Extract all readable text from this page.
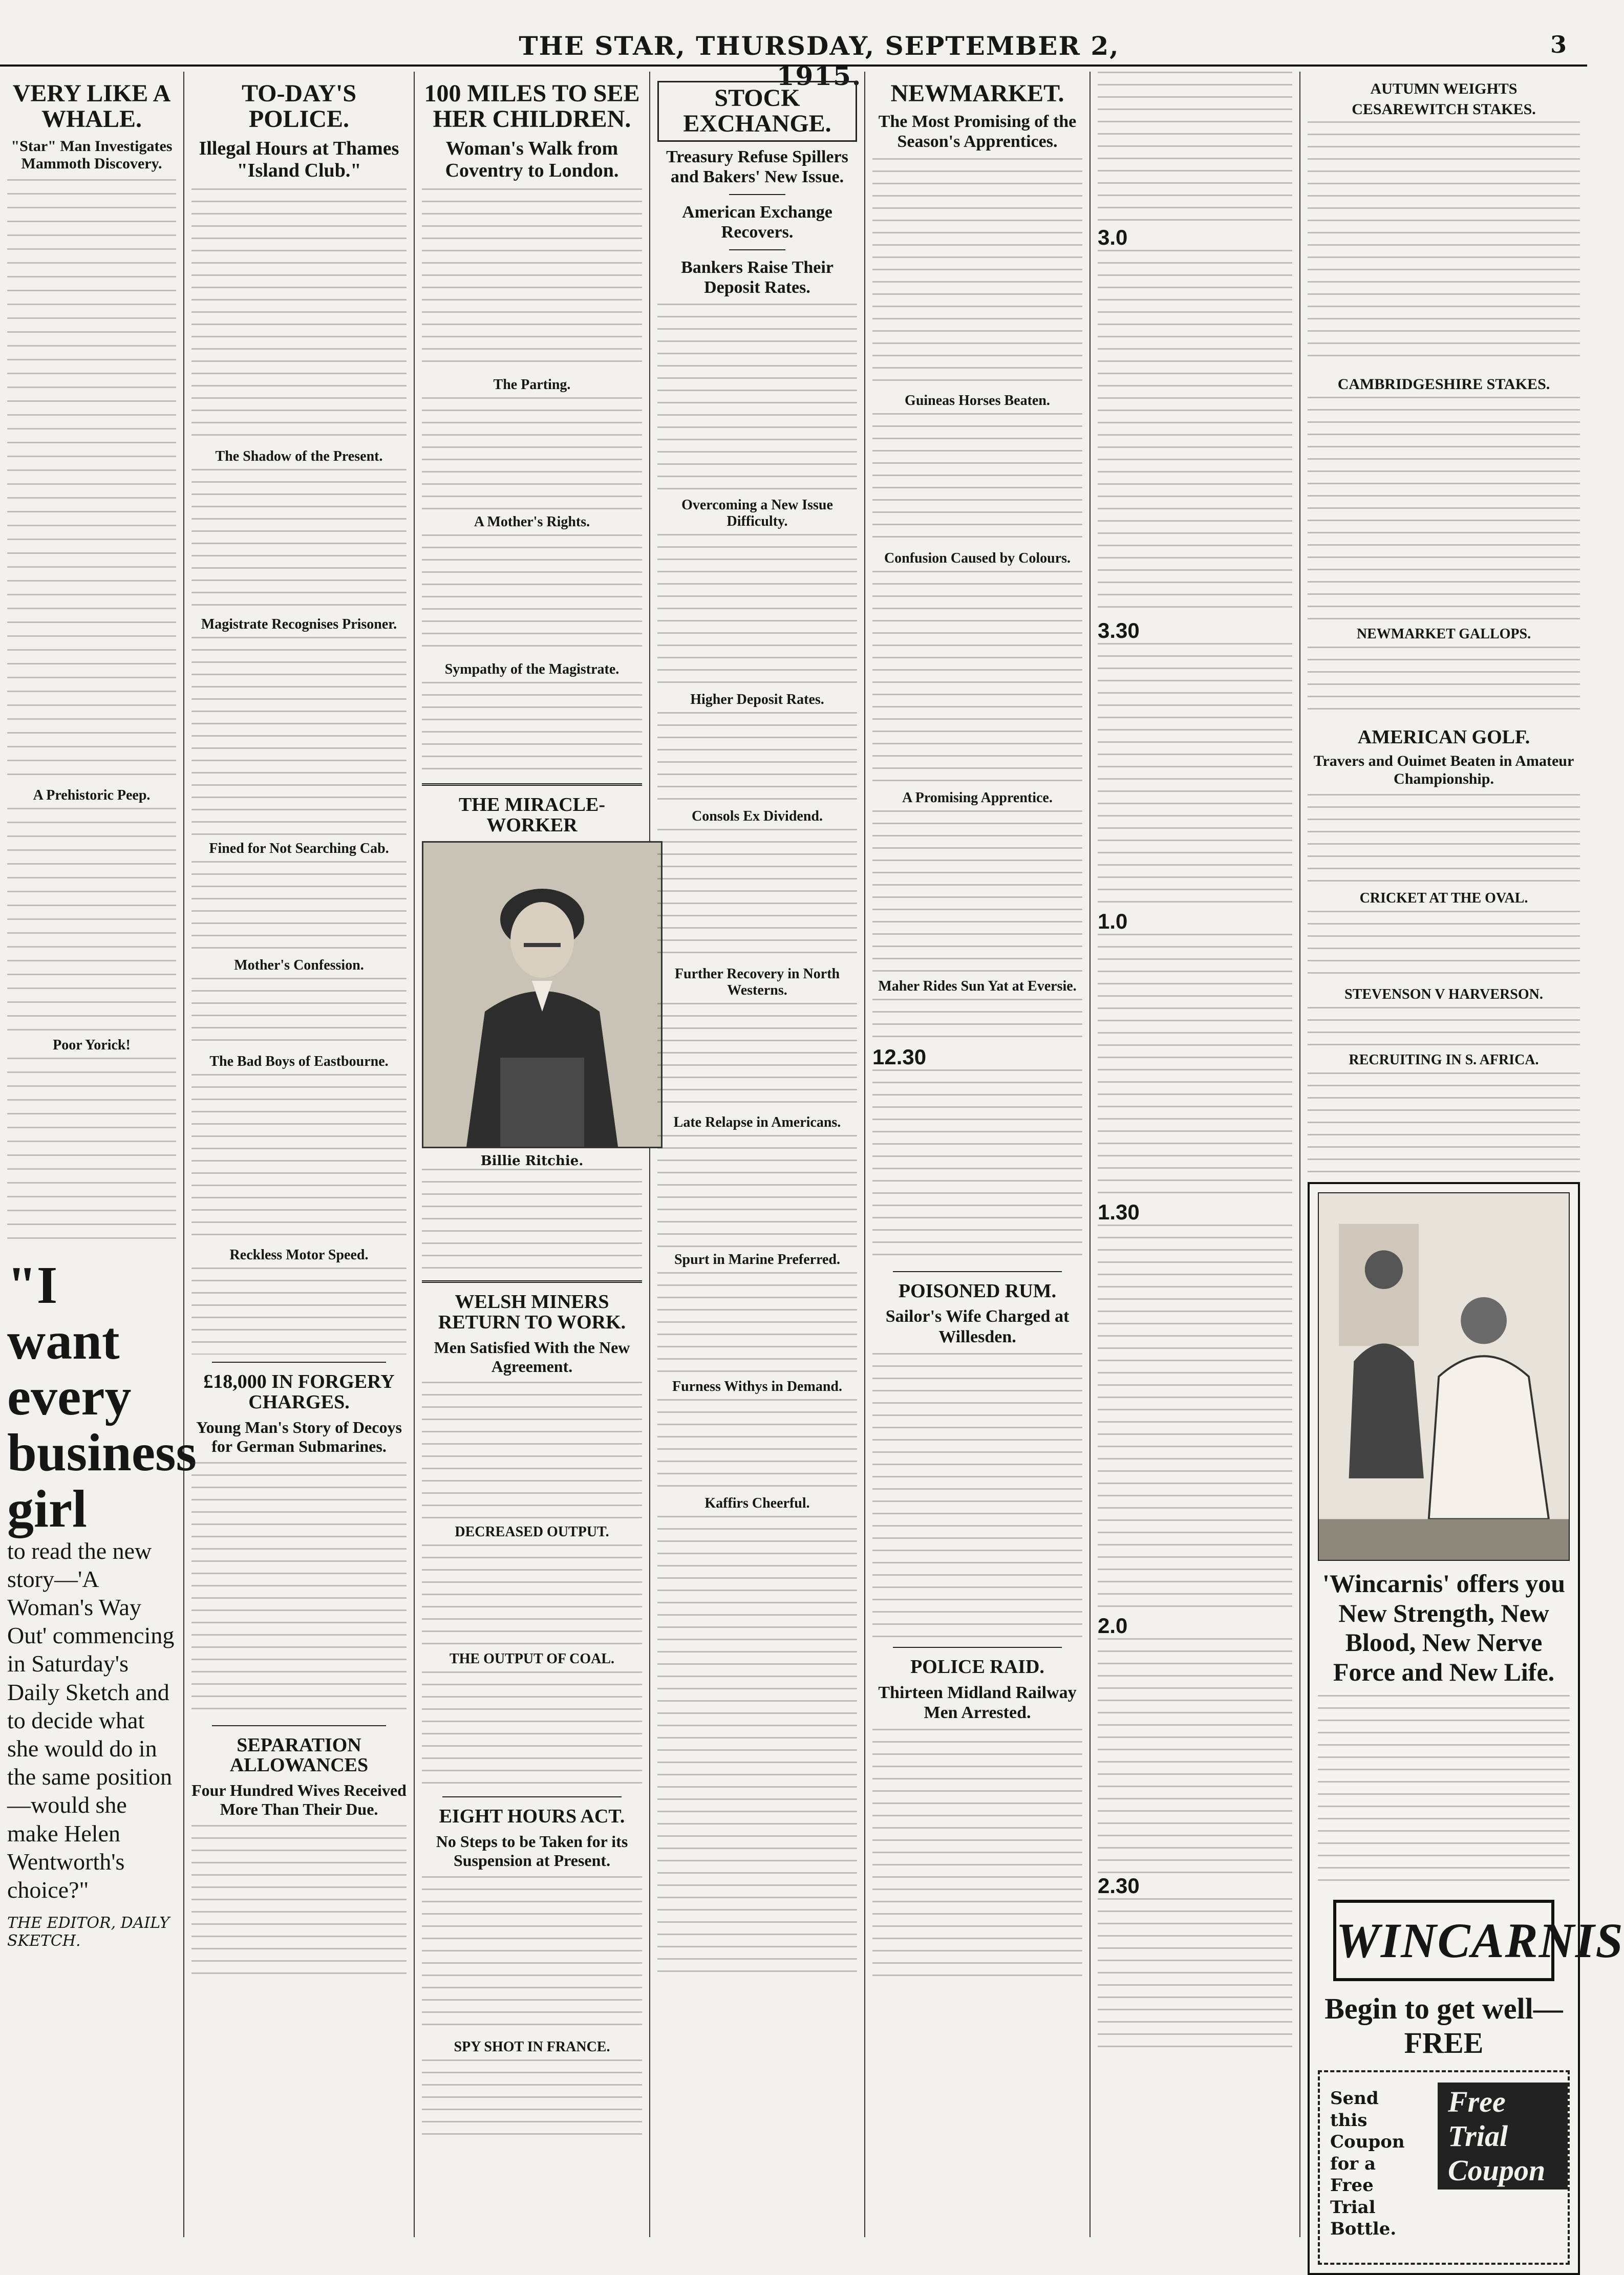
THE STAR, THURSDAY, SEPTEMBER 2, 1915.
3
VERY LIKE A WHALE.
"Star" Man Investigates Mammoth Discovery.
A Prehistoric Peep.
Poor Yorick!
"I want every business girl
to read the new story—'A Woman's Way Out' commencing in Saturday's Daily Sketch and to decide what she would do in the same position—would she make Helen Wentworth's choice?"
THE EDITOR, DAILY SKETCH.
TO-DAY'S POLICE.
Illegal Hours at Thames "Island Club."
The Shadow of the Present.
Magistrate Recognises Prisoner.
Fined for Not Searching Cab.
Mother's Confession.
The Bad Boys of Eastbourne.
Reckless Motor Speed.
£18,000 IN FORGERY CHARGES.
Young Man's Story of Decoys for German Submarines.
SEPARATION ALLOWANCES
Four Hundred Wives Received More Than Their Due.
100 MILES TO SEE HER CHILDREN.
Woman's Walk from Coventry to London.
The Parting.
A Mother's Rights.
Sympathy of the Magistrate.
THE MIRACLE-WORKER
Billie Ritchie.
WELSH MINERS RETURN TO WORK.
Men Satisfied With the New Agreement.
DECREASED OUTPUT.
THE OUTPUT OF COAL.
EIGHT HOURS ACT.
No Steps to be Taken for its Suspension at Present.
SPY SHOT IN FRANCE.
STOCK EXCHANGE.
Treasury Refuse Spillers and Bakers' New Issue.
American Exchange Recovers.
Bankers Raise Their Deposit Rates.
Overcoming a New Issue Difficulty.
Higher Deposit Rates.
Consols Ex Dividend.
Further Recovery in North Westerns.
Late Relapse in Americans.
Spurt in Marine Preferred.
Furness Withys in Demand.
Kaffirs Cheerful.
NEWMARKET.
The Most Promising of the Season's Apprentices.
Guineas Horses Beaten.
Confusion Caused by Colours.
A Promising Apprentice.
Maher Rides Sun Yat at Eversie.
12.30
POISONED RUM.
Sailor's Wife Charged at Willesden.
POLICE RAID.
Thirteen Midland Railway Men Arrested.
3.0
3.30
1.0
1.30
2.0
2.30
AUTUMN WEIGHTS
CESAREWITCH STAKES.
CAMBRIDGESHIRE STAKES.
NEWMARKET GALLOPS.
AMERICAN GOLF.
Travers and Ouimet Beaten in Amateur Championship.
CRICKET AT THE OVAL.
STEVENSON V HARVERSON.
RECRUITING IN S. AFRICA.
'Wincarnis' offers you New Strength, New Blood, New Nerve Force and New Life.
WINCARNIS
Begin to get well—FREE
Send this Coupon for a Free Trial Bottle.
Free Trial Coupon
